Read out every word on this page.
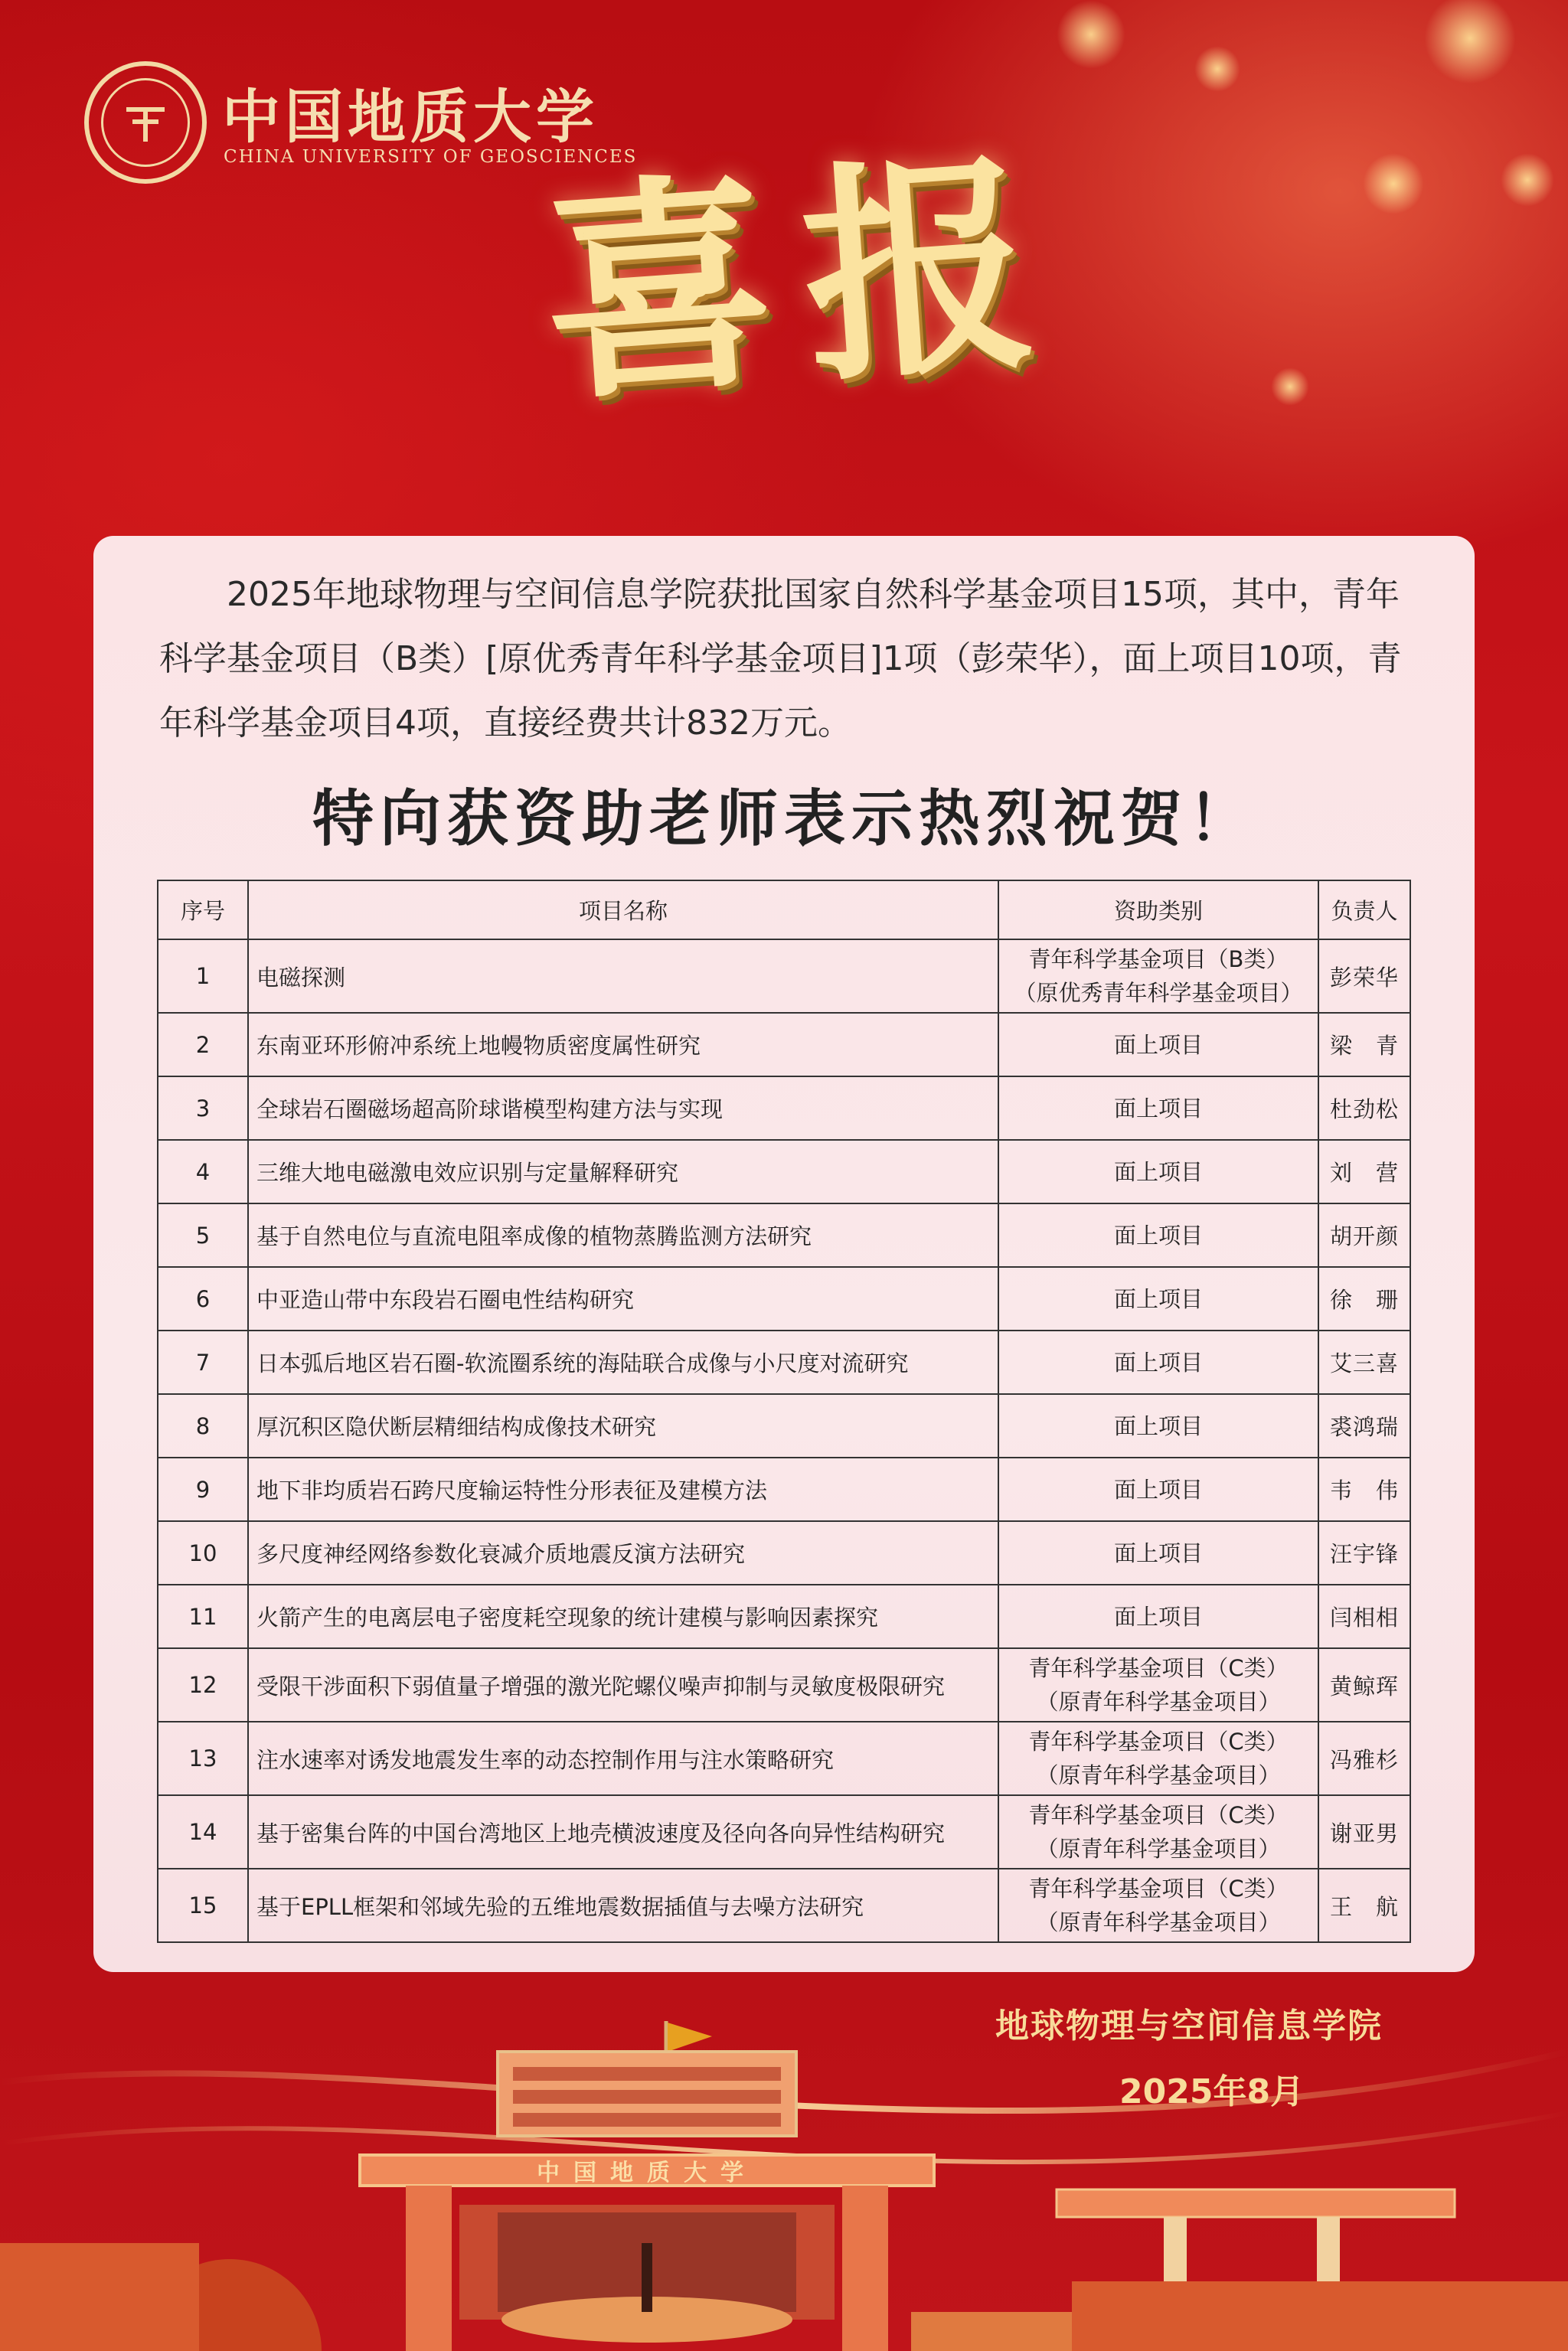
中国地质大学
CHINA UNIVERSITY OF GEOSCIENCES
喜报

2025年地球物理与空间信息学院获批国家自然科学基金项目15项，其中，青年科学基金项目（B类）[原优秀青年科学基金项目]1项（彭荣华），面上项目10项，青年科学基金项目4项，直接经费共计832万元。

特向获资助老师表示热烈祝贺！
序号	项目名称	资助类别	负责人
1	电磁探测	青年科学基金项目（B类）
（原优秀青年科学基金项目）	彭荣华
2	东南亚环形俯冲系统上地幔物质密度属性研究	面上项目	梁　青
3	全球岩石圈磁场超高阶球谐模型构建方法与实现	面上项目	杜劲松
4	三维大地电磁激电效应识别与定量解释研究	面上项目	刘　营
5	基于自然电位与直流电阻率成像的植物蒸腾监测方法研究	面上项目	胡开颜
6	中亚造山带中东段岩石圈电性结构研究	面上项目	徐　珊
7	日本弧后地区岩石圈-软流圈系统的海陆联合成像与小尺度对流研究	面上项目	艾三喜
8	厚沉积区隐伏断层精细结构成像技术研究	面上项目	裘鸿瑞
9	地下非均质岩石跨尺度输运特性分形表征及建模方法	面上项目	韦　伟
10	多尺度神经网络参数化衰减介质地震反演方法研究	面上项目	汪宇锋
11	火箭产生的电离层电子密度耗空现象的统计建模与影响因素探究	面上项目	闫相相
12	受限干涉面积下弱值量子增强的激光陀螺仪噪声抑制与灵敏度极限研究	青年科学基金项目（C类）
（原青年科学基金项目）	黄鲸珲
13	注水速率对诱发地震发生率的动态控制作用与注水策略研究	青年科学基金项目（C类）
（原青年科学基金项目）	冯雅杉
14	基于密集台阵的中国台湾地区上地壳横波速度及径向各向异性结构研究	青年科学基金项目（C类）
（原青年科学基金项目）	谢亚男
15	基于EPLL框架和邻域先验的五维地震数据插值与去噪方法研究	青年科学基金项目（C类）
（原青年科学基金项目）	王　航
地球物理与空间信息学院
2025年8月
中国地质大学
